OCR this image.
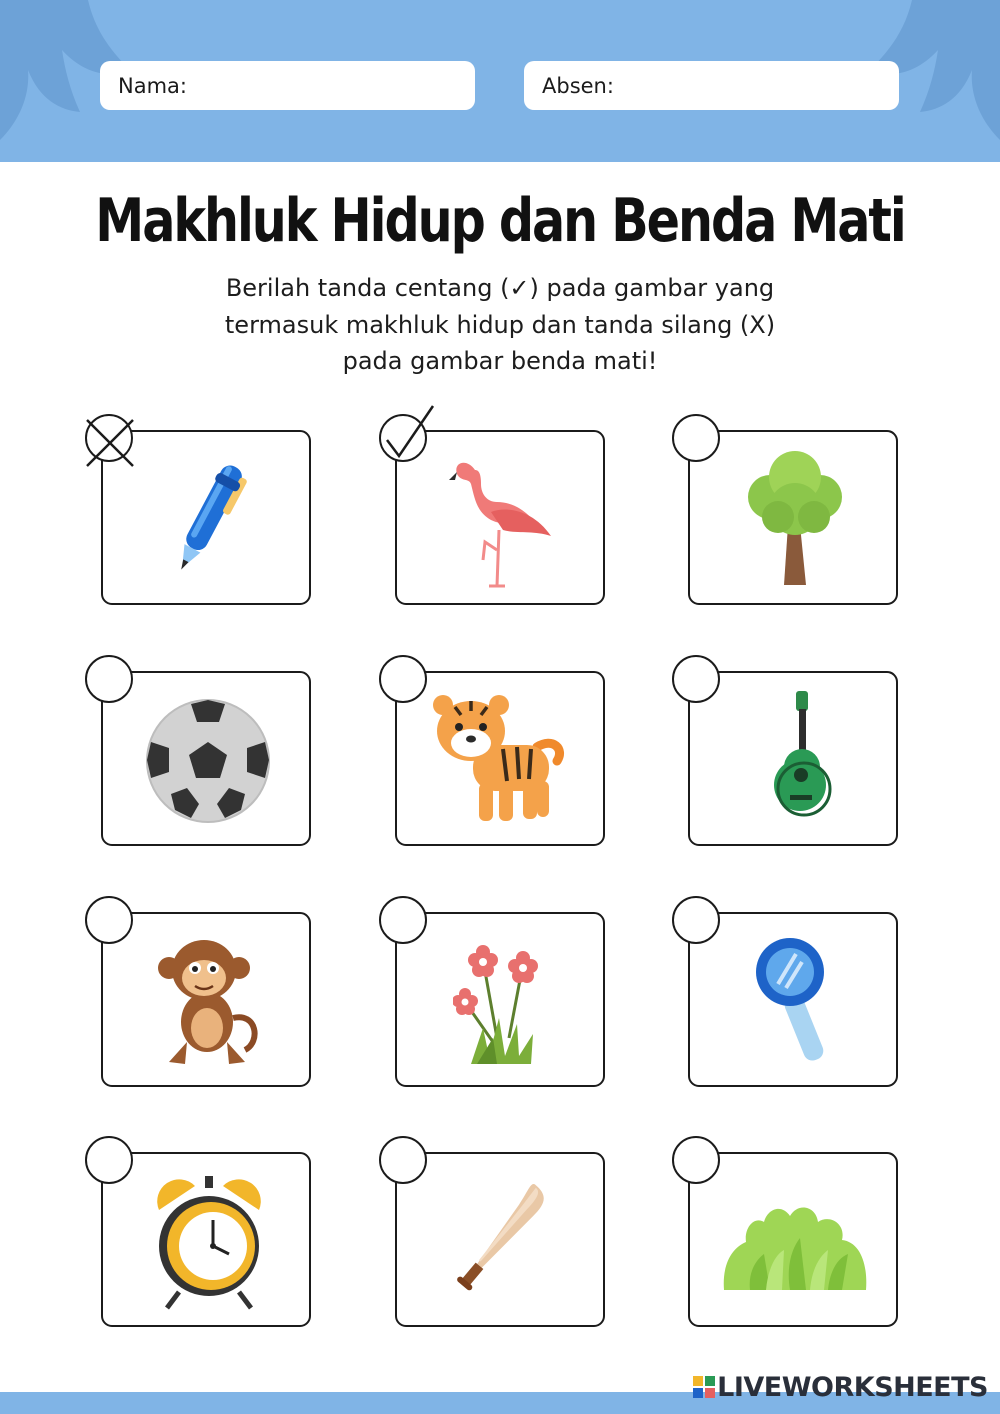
Nama:	Absen:
Makhluk Hidup dan Benda Mati
Berilah tanda centang (✓) pada gambar yang
termasuk makhluk hidup dan tanda silang (X)
pada gambar benda mati!
LIVEWORKSHEETS
